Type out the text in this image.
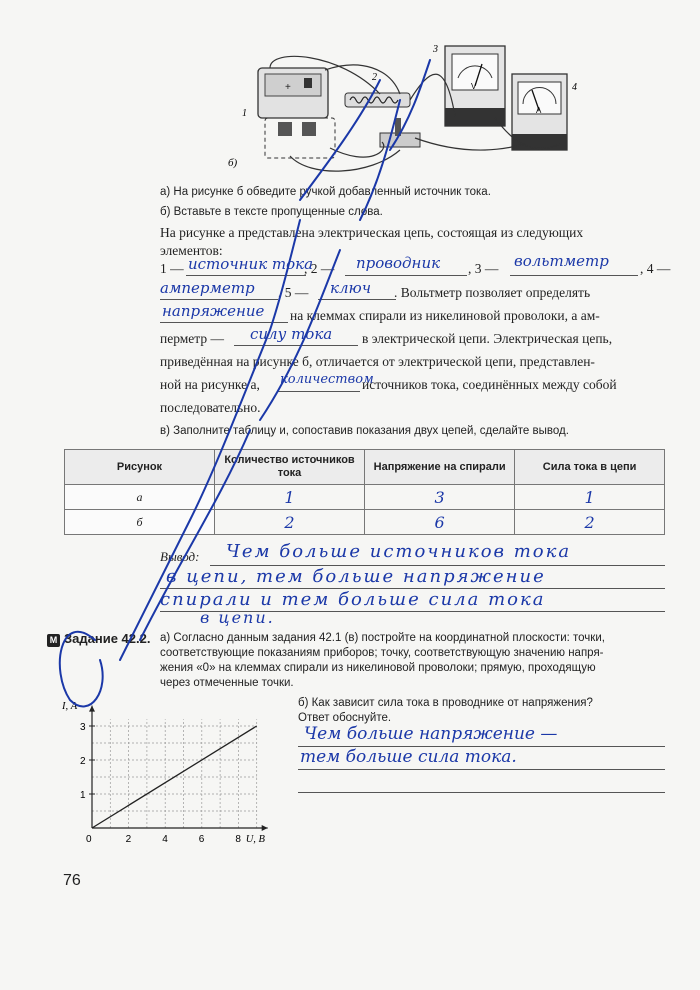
+	V
A
1
2
3
4
б)
а) На рисунке б обведите ручкой добавленный источник тока.
б) Вставьте в тексте пропущенные слова.
На рисунке а представлена электрическая цепь, состоящая из следующих
элементов:
1 — источник тока
, 2 — проводник , 3 — вольтметр , 4 —
амперметр , 5 — ключ . Вольтметр позволяет определять
напряжение на клеммах спирали из никелиновой проволоки, а ам-
перметр — силу тока в электрической цепи. Электрическая цепь,
приведённая на рисунке б, отличается от электрической цепи, представлен-
ной на рисунке а, количеством
источников тока, соединённых между собой
последовательно.
в) Заполните таблицу и, сопоставив показания двух цепей, сделайте вывод.
Рисунок	Количество источников тока	Напряжение на спирали	Сила тока в цепи
а	1	3	1
б	2	6	2
Вывод: Чем больше источников тока
в цепи, тем больше напряжение
спирали и тем больше сила тока
в цепи.
М Задание 42.2. а) Согласно данным задания 42.1 (в) постройте на координатной плоскости: точки,
соответствующие показаниям приборов; точку, соответствующую значению напря-
жения «0» на клеммах спирали из никелиновой проволоки; прямую, проходящую
через отмеченные точки.
0	2	4	6	8
1
2
3
U, В
I, А	б) Как зависит сила тока в проводнике от напряжения?
Ответ обоснуйте.
Чем больше напряжение —
тем больше сила тока.
76
